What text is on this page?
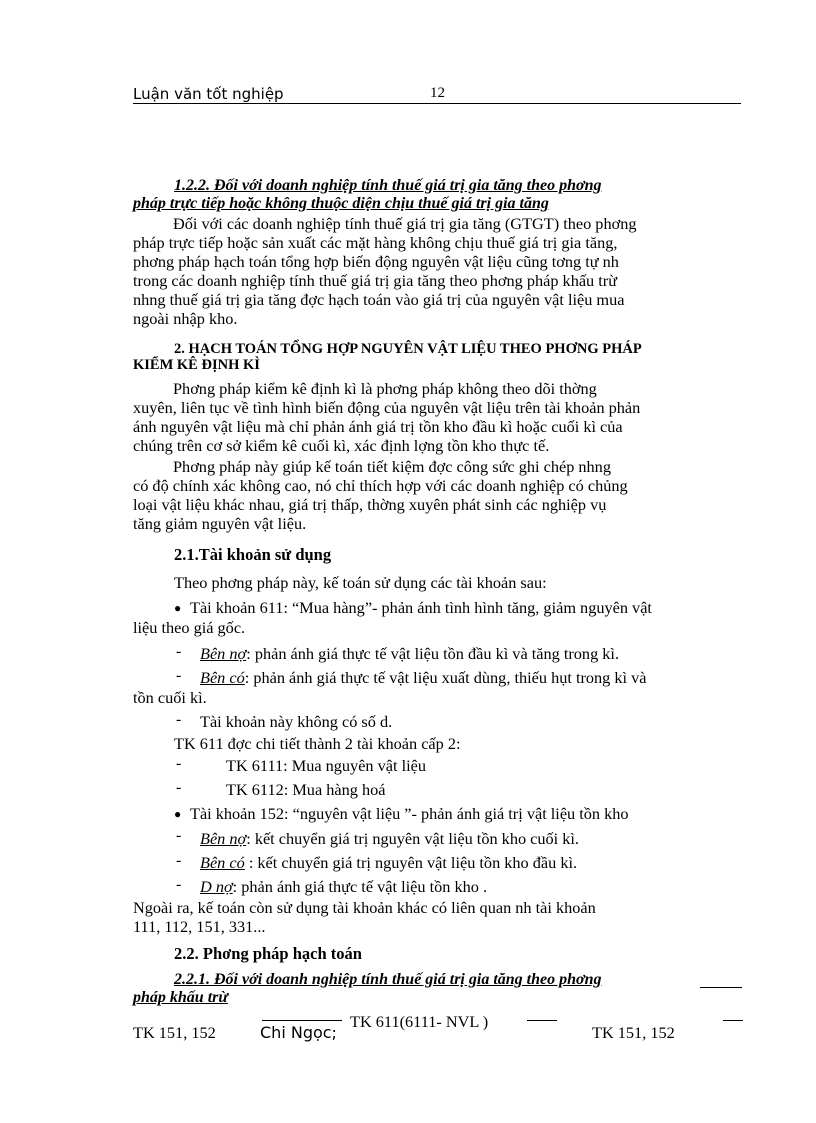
Luận văn tốt nghiệp	12
1.2.2. Đối với doanh nghiệp tính thuế giá trị gia tăng theo phơng
pháp trực tiếp hoặc không thuộc diện chịu thuế giá trị gia tăng
Đối với các doanh nghiệp tính thuế giá trị gia tăng (GTGT) theo phơng
pháp trực tiếp hoặc sản xuất các mặt hàng không chịu thuế giá trị gia tăng,
phơng pháp hạch toán tổng hợp biến động nguyên vật liệu cũng tơng tự nh
trong các doanh nghiệp tính thuế giá trị gia tăng theo phơng pháp khấu trừ
nhng thuế giá trị gia tăng đợc hạch toán vào giá trị của nguyên vật liệu mua
ngoài nhập kho.
2. HẠCH TOÁN TỔNG HỢP NGUYÊN VẬT LIỆU THEO PHƠNG PHÁP
KIỂM KÊ ĐỊNH KÌ
Phơng pháp kiểm kê định kì là phơng pháp không theo dõi thờng
xuyên, liên tục về tình hình biến động của nguyên vật liệu trên tài khoản phản
ánh nguyên vật liệu mà chỉ phản ánh giá trị tồn kho đầu kì hoặc cuối kì của
chúng trên cơ sở kiểm kê cuối kì, xác định lợng tồn kho thực tế.
Phơng pháp này giúp kế toán tiết kiệm đợc công sức ghi chép nhng
có độ chính xác không cao, nó chỉ thích hợp với các doanh nghiệp có chủng
loại vật liệu khác nhau, giá trị thấp, thờng xuyên phát sinh các nghiệp vụ
tăng giảm nguyên vật liệu.
2.1.Tài khoản sử dụng
Theo phơng pháp này, kế toán sử dụng các tài khoản sau:
● Tài khoản 611: “Mua hàng”- phản ánh tình hình tăng, giảm nguyên vật
liệu theo giá gốc.
- Bên nợ: phản ánh giá thực tế vật liệu tồn đầu kì và tăng trong kì.
- Bên có: phản ánh giá thực tế vật liệu xuất dùng, thiếu hụt trong kì và
tồn cuối kì.
- Tài khoản này không có số d.
TK 611 đợc chi tiết thành 2 tài khoản cấp 2:
-	TK 6111: Mua nguyên vật liệu
-	TK 6112: Mua hàng hoá
● Tài khoản 152: “nguyên vật liệu ”- phản ánh giá trị vật liệu tồn kho
- Bên nợ: kết chuyển giá trị nguyên vật liệu tồn kho cuối kì.
- Bên có : kết chuyển giá trị nguyên vật liệu tồn kho đầu kì.
- D nợ: phản ánh giá thực tế vật liệu tồn kho .
Ngoài ra, kế toán còn sử dụng tài khoản khác có liên quan nh tài khoản
111, 112, 151, 331...
2.2. Phơng pháp hạch toán
2.2.1. Đối với doanh nghiệp tính thuế giá trị gia tăng theo phơng
pháp khấu trừ
TK 151, 152	Chi Ngọc;
TK 611(6111- NVL )
TK 151, 152
